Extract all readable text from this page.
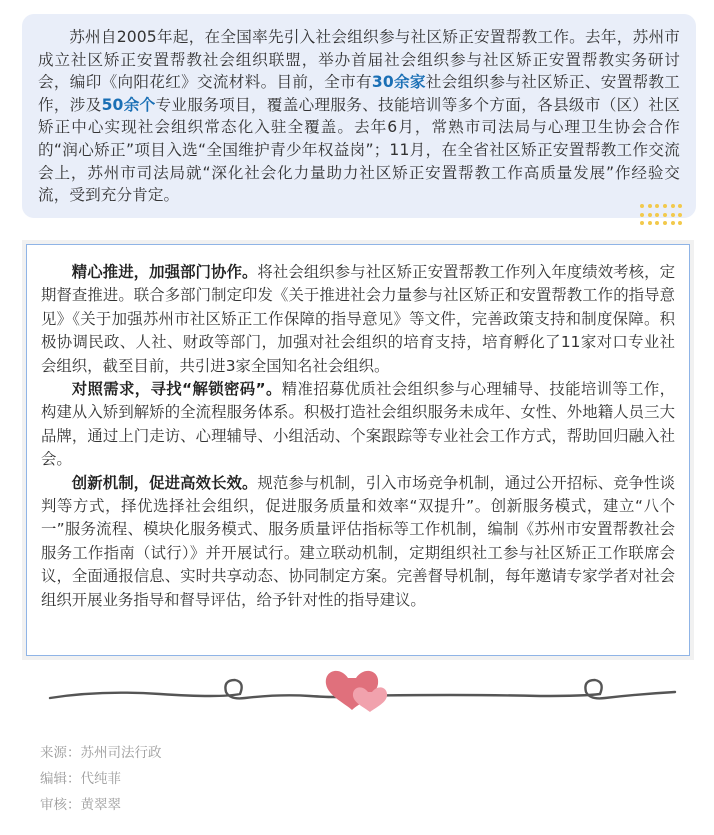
苏州自2005年起，在全国率先引入社会组织参与社区矫正安置帮教工作。去年，苏州市成立社区矫正安置帮教社会组织联盟，举办首届社会组织参与社区矫正安置帮教实务研讨会，编印《向阳花红》交流材料。目前，全市有30余家社会组织参与社区矫正、安置帮教工作，涉及50余个专业服务项目，覆盖心理服务、技能培训等多个方面，各县级市（区）社区矫正中心实现社会组织常态化入驻全覆盖。去年6月，常熟市司法局与心理卫生协会合作的“润心矫正”项目入选“全国维护青少年权益岗”；11月，在全省社区矫正安置帮教工作交流会上，苏州市司法局就“深化社会化力量助力社区矫正安置帮教工作高质量发展”作经验交流，受到充分肯定。

精心推进，加强部门协作。将社会组织参与社区矫正安置帮教工作列入年度绩效考核，定期督查推进。联合多部门制定印发《关于推进社会力量参与社区矫正和安置帮教工作的指导意见》《关于加强苏州市社区矫正工作保障的指导意见》等文件，完善政策支持和制度保障。积极协调民政、人社、财政等部门，加强对社会组织的培育支持，培育孵化了11家对口专业社会组织，截至目前，共引进3家全国知名社会组织。

对照需求，寻找“解锁密码”。精准招募优质社会组织参与心理辅导、技能培训等工作，构建从入矫到解矫的全流程服务体系。积极打造社会组织服务未成年、女性、外地籍人员三大品牌，通过上门走访、心理辅导、小组活动、个案跟踪等专业社会工作方式，帮助回归融入社会。

创新机制，促进高效长效。规范参与机制，引入市场竞争机制，通过公开招标、竞争性谈判等方式，择优选择社会组织，促进服务质量和效率“双提升”。创新服务模式，建立“八个一”服务流程、模块化服务模式、服务质量评估指标等工作机制，编制《苏州市安置帮教社会服务工作指南（试行）》并开展试行。建立联动机制，定期组织社工参与社区矫正工作联席会议，全面通报信息、实时共享动态、协同制定方案。完善督导机制，每年邀请专家学者对社会组织开展业务指导和督导评估，给予针对性的指导建议。

来源：苏州司法行政
编辑：代纯菲
审核：黄翠翠
